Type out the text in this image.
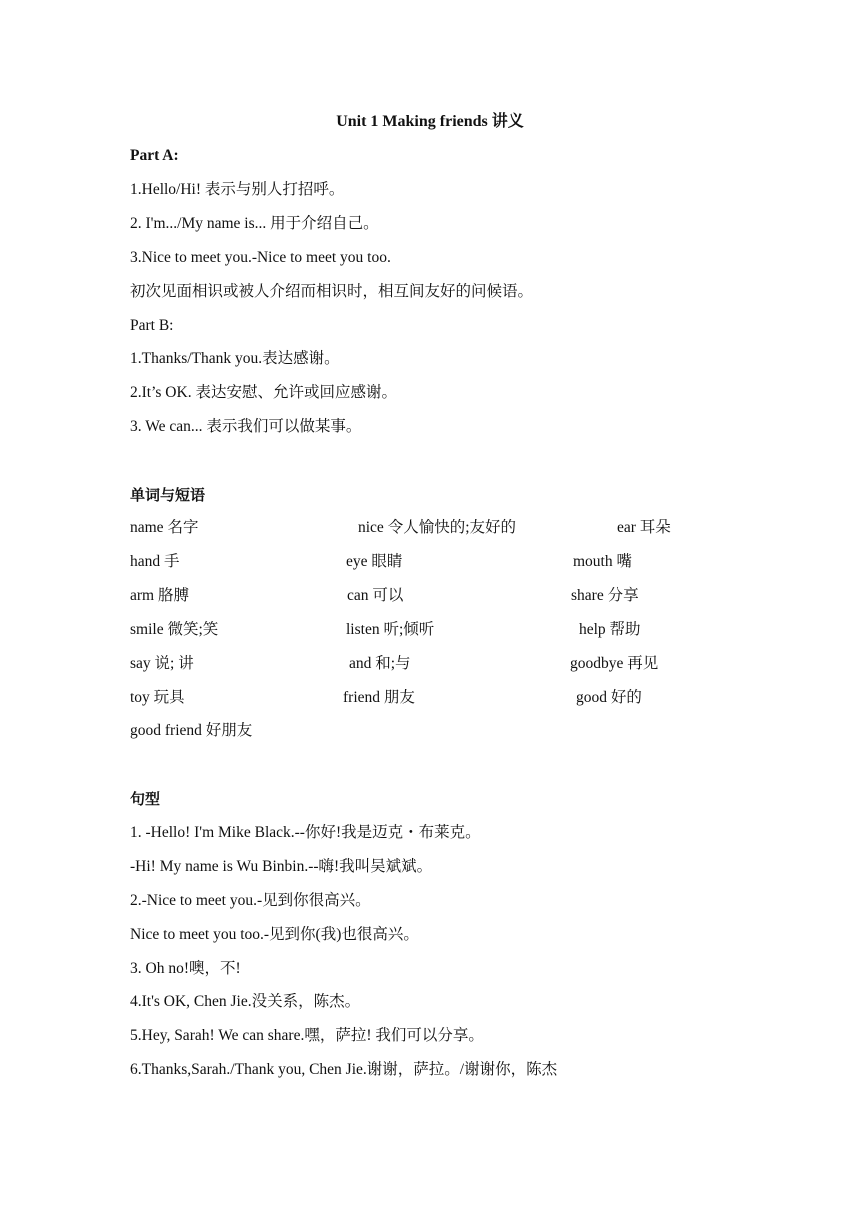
Unit 1 Making friends 讲义
Part A:
1.Hello/Hi! 表示与别人打招呼。
2. I'm.../My name is... 用于介绍自己。
3.Nice to meet you.-Nice to meet you too.
初次见面相识或被人介绍而相识时，相互间友好的问候语。
Part B:
1.Thanks/Thank you.表达感谢。
2.It’s OK. 表达安慰、允许或回应感谢。
3. We can... 表示我们可以做某事。
单词与短语
name 名字	nice 令人愉快的;友好的	ear 耳朵
hand 手	eye 眼睛	mouth 嘴
arm 胳膊	can 可以	share 分享
smile 微笑;笑	listen 听;倾听	help 帮助
say 说; 讲	and 和;与	goodbye 再见
toy 玩具	friend 朋友	good 好的
good friend 好朋友
句型
1. -Hello! I'm Mike Black.--你好!我是迈克・布莱克。
-Hi! My name is Wu Binbin.--嗨!我叫吴斌斌。
2.-Nice to meet you.-见到你很高兴。
Nice to meet you too.-见到你(我)也很高兴。
3. Oh no!噢，不!
4.It's OK, Chen Jie.没关系，陈杰。
5.Hey, Sarah! We can share.嘿，萨拉! 我们可以分享。
6.Thanks,Sarah./Thank you, Chen Jie.谢谢，萨拉。/谢谢你，陈杰
